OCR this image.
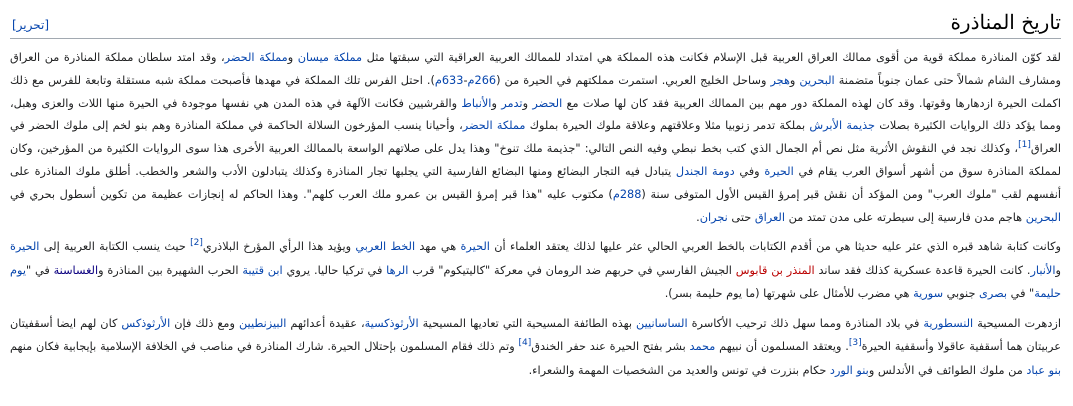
تاريخ المناذرة
[تحرير]

لقد كوّن المناذرة مملكة قوية من أقوى ممالك العراق العربية قبل الإسلام فكانت هذه المملكة هي امتداد للممالك العربية العراقية التي سبقتها مثل مملكة ميسان ومملكة الحضر، وقد امتد سلطان مملكة المناذرة من العراق ومشارف الشام شمالاً حتى عمان جنوباً متضمنة البحرين وهجر وساحل الخليج العربي. استمرت مملكتهم في الحيرة من (266م-633م). احتل الفرس تلك المملكة في مهدها فأصبحت مملكة شبه مستقلة وتابعة للفرس مع ذلك اكملت الحيرة ازدهارها وقوتها. وقد كان لهذه المملكة دور مهم بين الممالك العربية فقد كان لها صلات مع الحضر وتدمر والأنباط والقرشيين فكانت الآلهة في هذه المدن هي نفسها موجودة في الحيرة منها اللات والعزى وهبل، ومما يؤكد ذلك الروايات الكثيرة بصلات جذيمة الأبرش بملكة تدمر زنوبيا مثلا وعلاقتهم وعلاقة ملوك الحيرة بملوك مملكة الحضر، وأحيانا ينسب المؤرخون السلالة الحاكمة في مملكة المناذرة وهم بنو لخم إلى ملوك الحضر في العراق[1]، وكذلك نجد في النقوش الأثرية مثل نص أم الجمال الذي كتب بخط نبطي وفيه النص التالي: "جذيمة ملك تنوخ" وهذا يدل على صلاتهم الواسعة بالممالك العربية الأخرى هذا سوى الروايات الكثيرة من المؤرخين، وكان لمملكة المناذرة سوق من أشهر أسواق العرب يقام في الحيرة وفي دومة الجندل يتبادل فيه التجار البضائع ومنها البضائع الفارسية التي يجلبها تجار المناذرة وكذلك يتبادلون الأدب والشعر والخطب. أطلق ملوك المناذرة على أنفسهم لقب "ملوك العرب" ومن المؤكد أن نقش قبر إمرؤ القيس الأول المتوفى سنة (288م) مكتوب عليه "هذا قبر إمرؤ القيس بن عمرو ملك العرب كلهم". وهذا الحاكم له إنجازات عظيمة من تكوين أسطول بحري في البحرين هاجم مدن فارسية إلى سيطرته على مدن تمتد من العراق حتى نجران.

وكانت كتابة شاهد قبره الذي عثر عليه حديثا هي من أقدم الكتابات بالخط العربي الحالي عثر عليها لذلك يعتقد العلماء أن الحيرة هي مهد الخط العربي ويؤيد هذا الرأي المؤرخ البلاذري[2] حيث ينسب الكتابة العربية إلى الحيرة والأنبار. كانت الحيرة قاعدة عسكرية كذلك فقد ساند المنذر بن قابوس الجيش الفارسي في حربهم ضد الرومان في معركة "كاليتيكوم" قرب الرها في تركيا حاليا. يروي ابن قتيبة الحرب الشهيرة بين المناذرة والغساسنة في "يوم حليمة" في بصرى جنوبي سورية هي مضرب للأمثال على شهرتها (ما يوم حليمة بسر).

ازدهرت المسيحية النسطورية في بلاد المناذرة ومما سهل ذلك ترحيب الأكاسرة الساسانيين بهذه الطائفة المسيحية التي تعاديها المسيحية الأرثوذكسية، عقيدة أعدائهم البيزنطيين ومع ذلك فإن الأرثوذكس كان لهم ايضا أسقفيتان عربيتان هما أسقفية عاقولا وأسقفية الحيرة[3]. ويعتقد المسلمون أن نبيهم محمد بشر بفتح الحيرة عند حفر الخندق[4] وتم ذلك فقام المسلمون بإحتلال الحيرة. شارك المناذرة في مناصب في الخلافة الإسلامية بإيجابية فكان منهم بنو عباد من ملوك الطوائف في الأندلس وبنو الورد حكام بنزرت في تونس والعديد من الشخصيات المهمة والشعراء.
